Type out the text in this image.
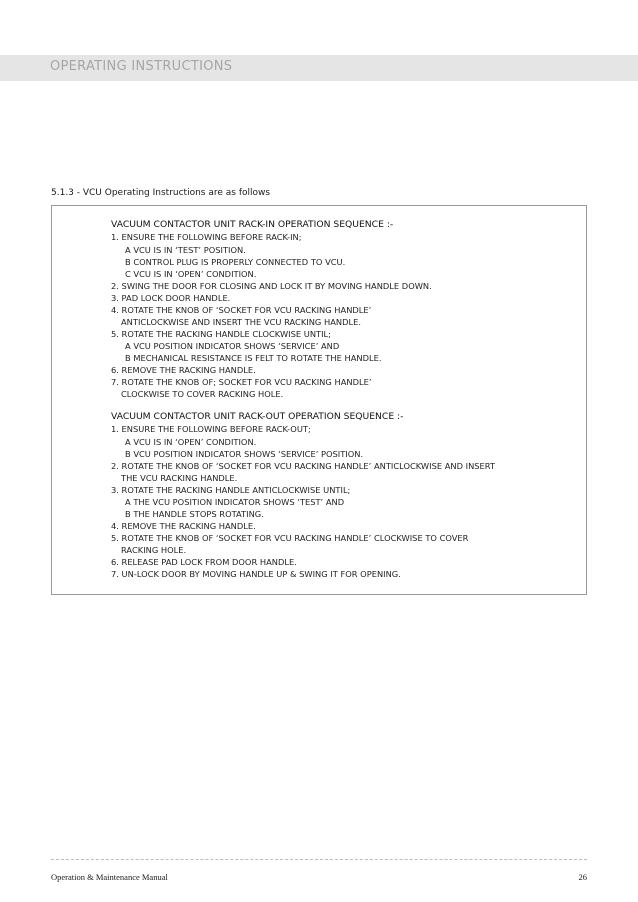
OPERATING INSTRUCTIONS
5.1.3 - VCU Operating Instructions are as follows
VACUUM CONTACTOR UNIT RACK-IN OPERATION SEQUENCE :-
1. ENSURE THE FOLLOWING BEFORE RACK-IN;
A VCU IS IN ‘TEST’ POSITION.
B CONTROL PLUG IS PROPERLY CONNECTED TO VCU.
C VCU IS IN ‘OPEN’ CONDITION.
2. SWING THE DOOR FOR CLOSING AND LOCK IT BY MOVING HANDLE DOWN.
3. PAD LOCK DOOR HANDLE.
4. ROTATE THE KNOB OF ‘SOCKET FOR VCU RACKING HANDLE’
ANTICLOCKWISE AND INSERT THE VCU RACKING HANDLE.
5. ROTATE THE RACKING HANDLE CLOCKWISE UNTIL;
A VCU POSITION INDICATOR SHOWS ‘SERVICE’ AND
B MECHANICAL RESISTANCE IS FELT TO ROTATE THE HANDLE.
6. REMOVE THE RACKING HANDLE.
7. ROTATE THE KNOB OF; SOCKET FOR VCU RACKING HANDLE’
CLOCKWISE TO COVER RACKING HOLE.
VACUUM CONTACTOR UNIT RACK-OUT OPERATION SEQUENCE :-
1. ENSURE THE FOLLOWING BEFORE RACK-OUT;
A VCU IS IN ‘OPEN’ CONDITION.
B VCU POSITION INDICATOR SHOWS ‘SERVICE’ POSITION.
2. ROTATE THE KNOB OF ‘SOCKET FOR VCU RACKING HANDLE’ ANTICLOCKWISE AND INSERT
THE VCU RACKING HANDLE.
3. ROTATE THE RACKING HANDLE ANTICLOCKWISE UNTIL;
A THE VCU POSITION INDICATOR SHOWS ‘TEST’ AND
B THE HANDLE STOPS ROTATING.
4. REMOVE THE RACKING HANDLE.
5. ROTATE THE KNOB OF ‘SOCKET FOR VCU RACKING HANDLE’ CLOCKWISE TO COVER
RACKING HOLE.
6. RELEASE PAD LOCK FROM DOOR HANDLE.
7. UN-LOCK DOOR BY MOVING HANDLE UP & SWING IT FOR OPENING.
Operation & Maintenance Manual	26
